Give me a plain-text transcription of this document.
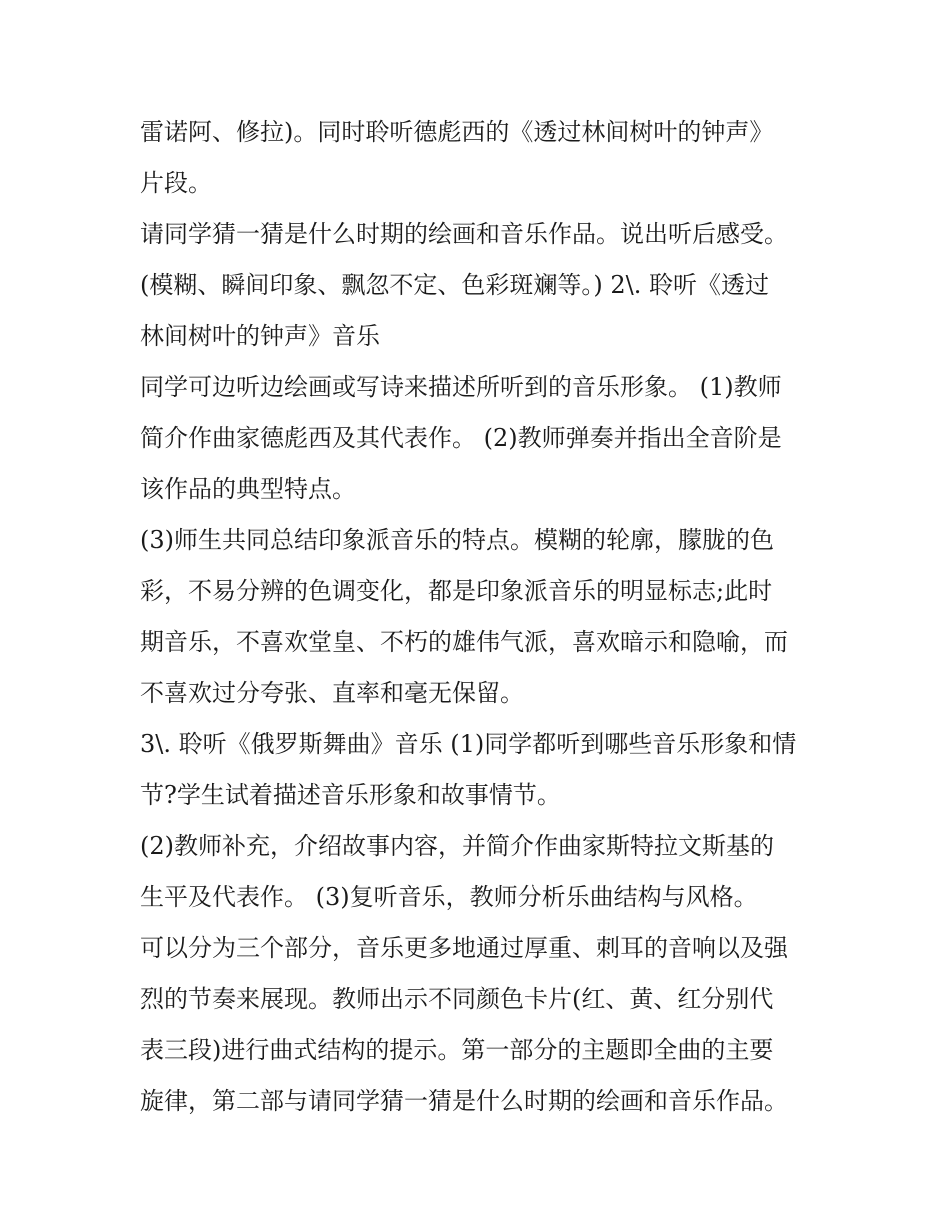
雷诺阿、修拉)。同时聆听德彪西的《透过林间树叶的钟声》
片段。
请同学猜一猜是什么时期的绘画和音乐作品。说出听后感受。
(模糊、瞬间印象、飘忽不定、色彩斑斓等。) 2\. 聆听《透过
林间树叶的钟声》音乐
同学可边听边绘画或写诗来描述所听到的音乐形象。 (1)教师
简介作曲家德彪西及其代表作。 (2)教师弹奏并指出全音阶是
该作品的典型特点。
(3)师生共同总结印象派音乐的特点。模糊的轮廓，朦胧的色
彩，不易分辨的色调变化，都是印象派音乐的明显标志;此时
期音乐，不喜欢堂皇、不朽的雄伟气派，喜欢暗示和隐喻，而
不喜欢过分夸张、直率和毫无保留。
3\. 聆听《俄罗斯舞曲》音乐 (1)同学都听到哪些音乐形象和情
节?学生试着描述音乐形象和故事情节。
(2)教师补充，介绍故事内容，并简介作曲家斯特拉文斯基的
生平及代表作。 (3)复听音乐，教师分析乐曲结构与风格。
可以分为三个部分，音乐更多地通过厚重、刺耳的音响以及强
烈的节奏来展现。教师出示不同颜色卡片(红、黄、红分别代
表三段)进行曲式结构的提示。第一部分的主题即全曲的主要
旋律，第二部与请同学猜一猜是什么时期的绘画和音乐作品。
